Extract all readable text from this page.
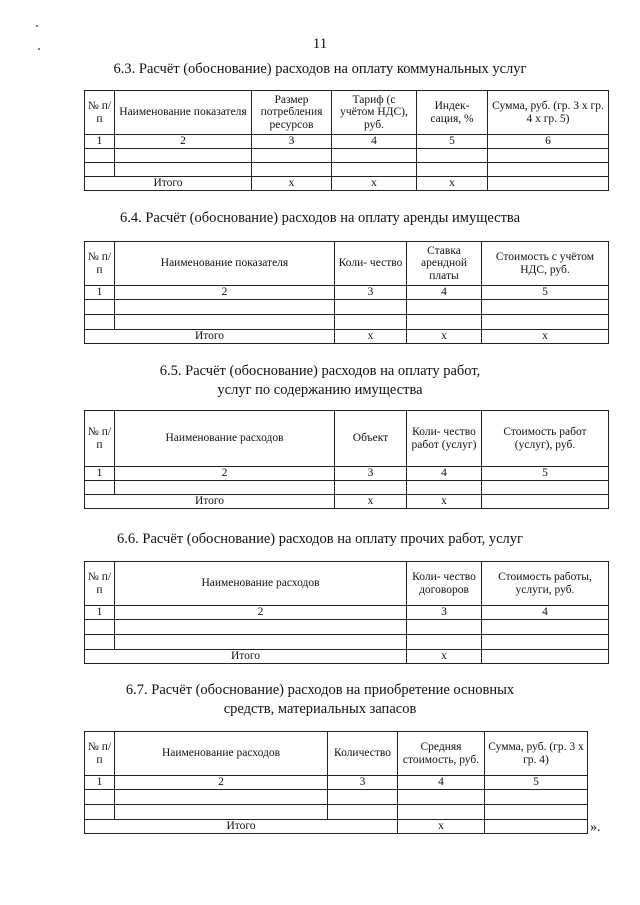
11
6.3. Расчёт (обоснование) расходов на оплату коммунальных услуг
№ п/п	Наименование показателя	Размер потребления ресурсов	Тариф (с учётом НДС), руб.	Индек- сация, %	Сумма, руб. (гр. 3 х гр. 4 х гр. 5)
1	2	3	4	5	6

Итого		x	x	x	
6.4. Расчёт (обоснование) расходов на оплату аренды имущества
№ п/п	Наименование показателя	Коли- чество	Ставка арендной платы	Стоимость с учётом НДС, руб.
1	2	3	4	5

Итого		x	x	x
6.5. Расчёт (обоснование) расходов на оплату работ,
услуг по содержанию имущества
№ п/п	Наименование расходов	Объект	Коли- чество работ (услуг)	Стоимость работ (услуг), руб.
1	2	3	4	5

Итого		x	x	
6.6. Расчёт (обоснование) расходов на оплату прочих работ, услуг
№ п/п	Наименование расходов	Коли- чество договоров	Стоимость работы, услуги, руб.
1	2	3	4

Итого		x	
6.7. Расчёт (обоснование) расходов на приобретение основных
средств, материальных запасов
№ п/п	Наименование расходов	Количество	Средняя стоимость, руб.	Сумма, руб. (гр. 3 х гр. 4)
1	2	3	4	5

Итого			x		».
